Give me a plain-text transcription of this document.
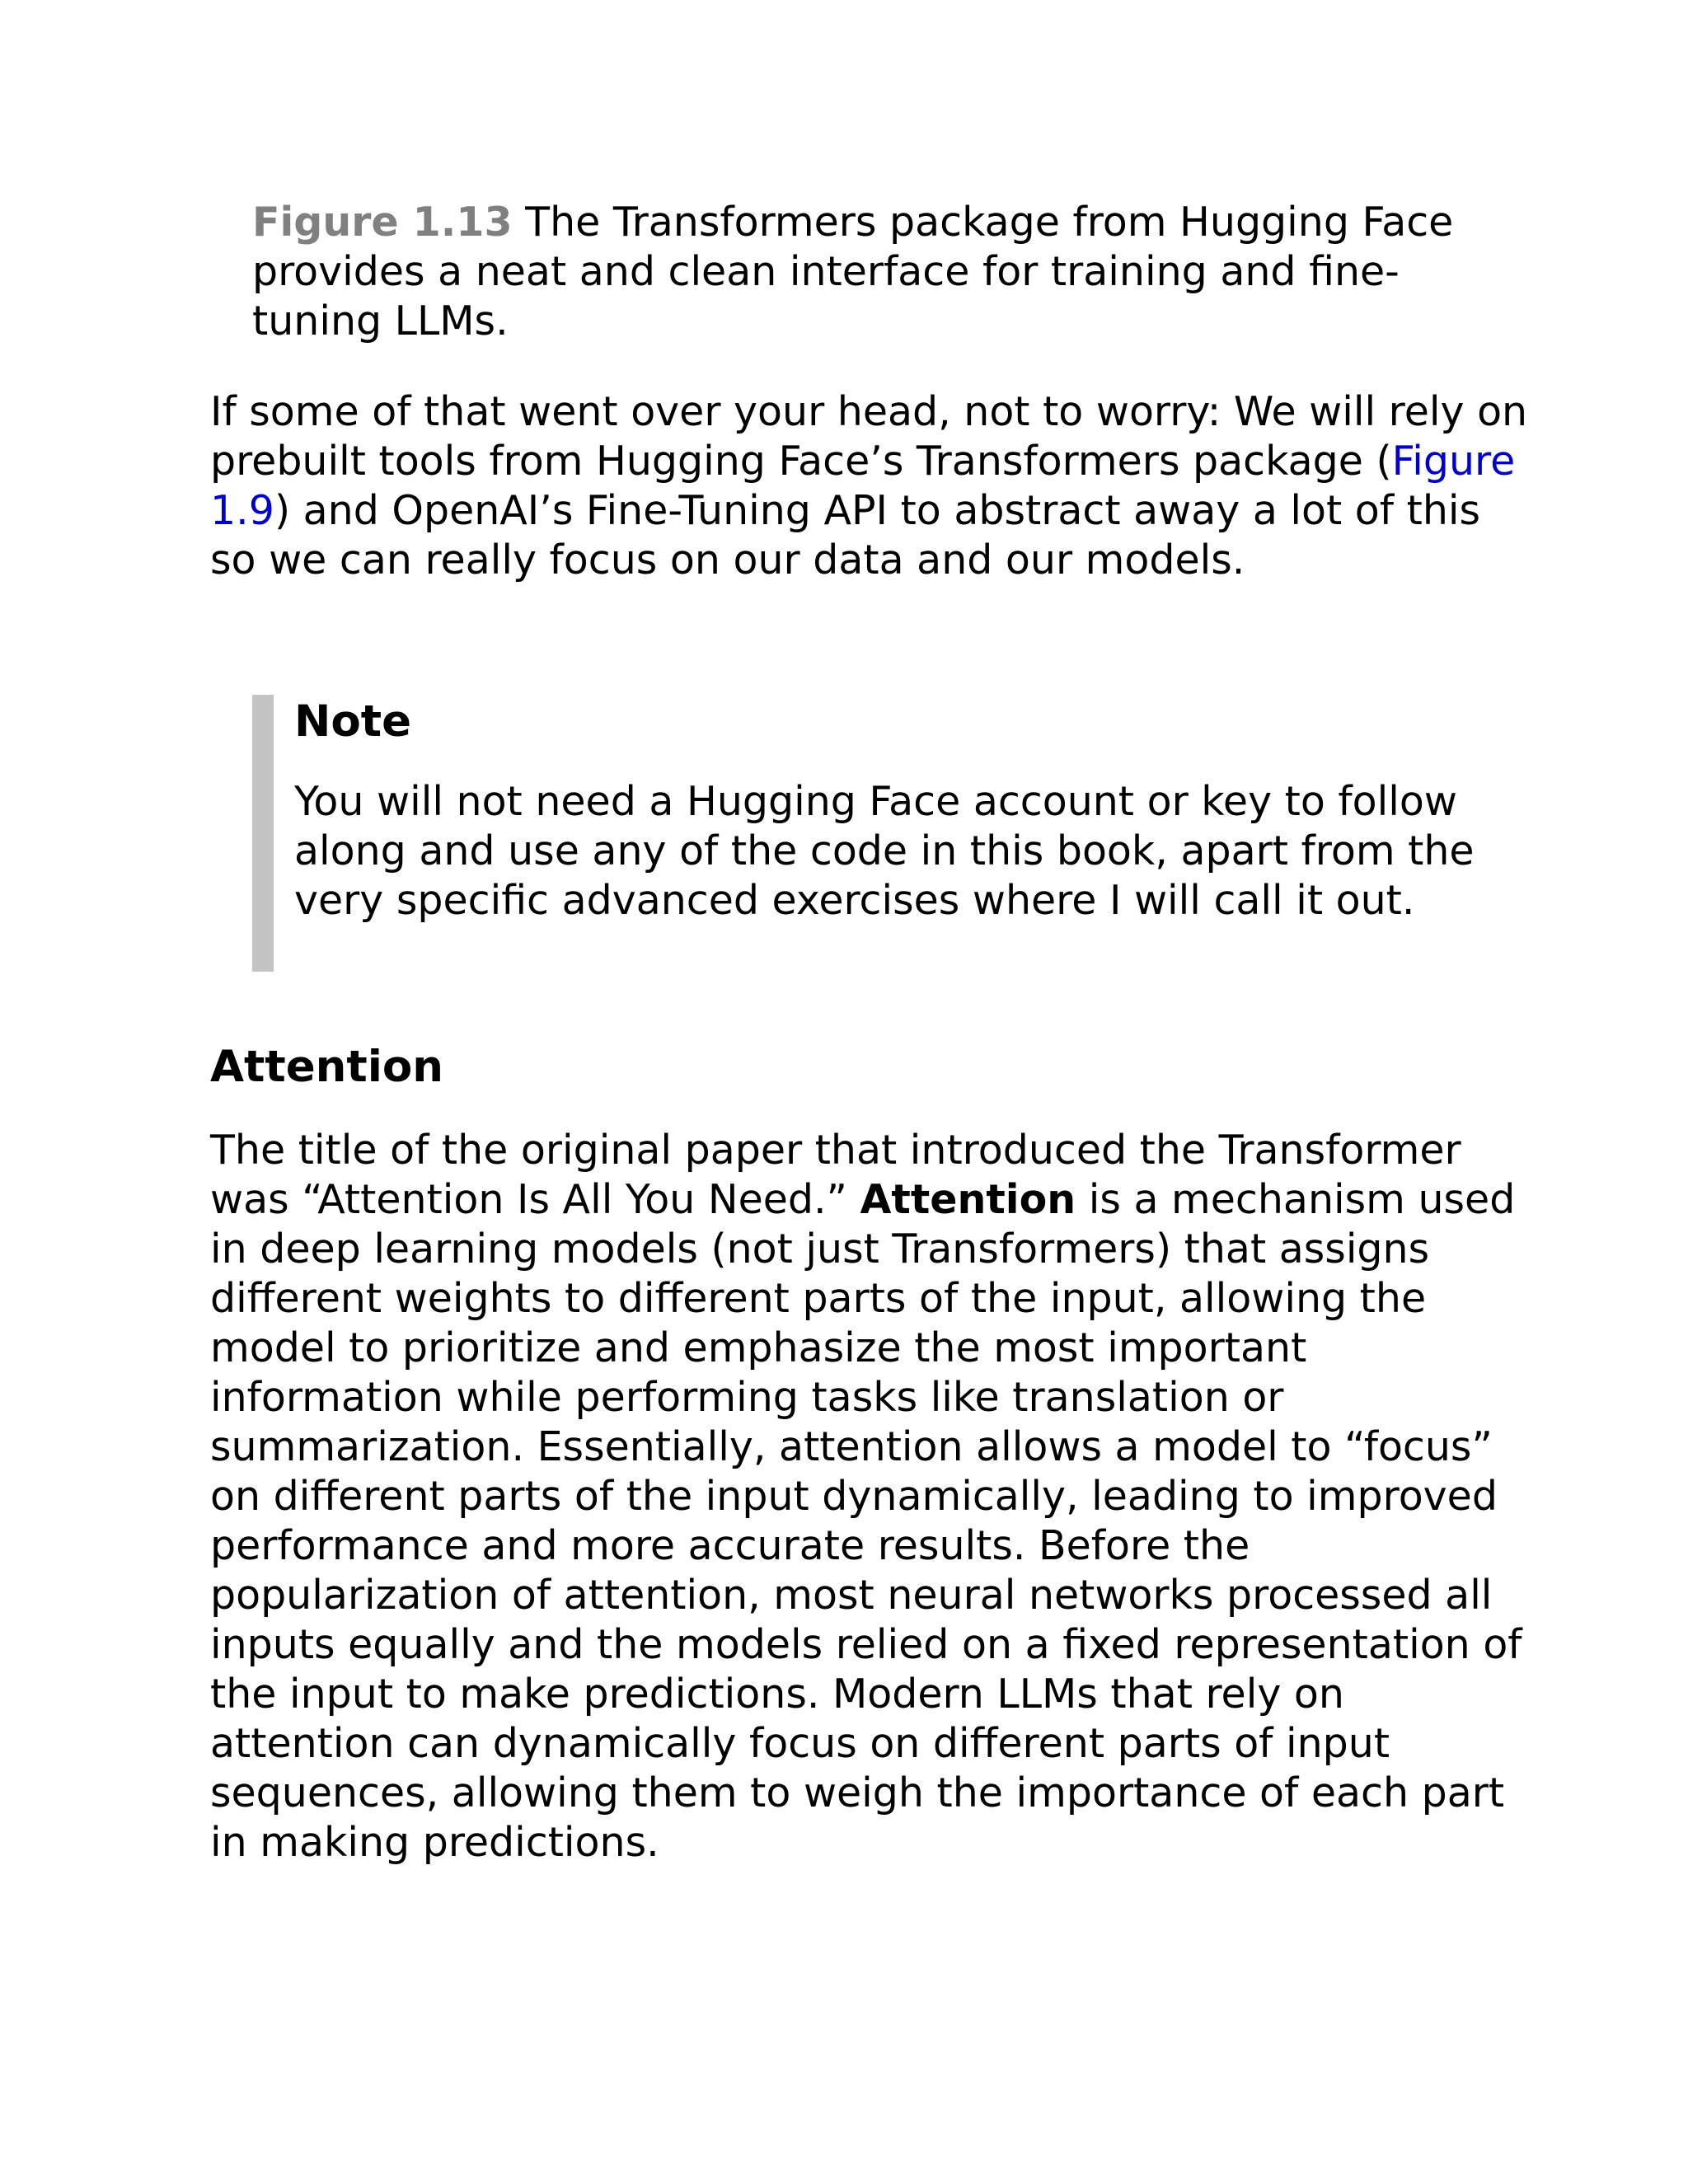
Figure 1.13 The Transformers package from Hugging Face provides a neat and clean interface for training and fine-tuning LLMs.
If some of that went over your head, not to worry: We will rely on prebuilt tools from Hugging Face’s Transformers package (Figure 1.9) and OpenAI’s Fine-Tuning API to abstract away a lot of this so we can really focus on our data and our models.
Note
You will not need a Hugging Face account or key to follow along and use any of the code in this book, apart from the very specific advanced exercises where I will call it out.
Attention
The title of the original paper that introduced the Transformer was “Attention Is All You Need.” Attention is a mechanism used in deep learning models (not just Transformers) that assigns different weights to different parts of the input, allowing the model to prioritize and emphasize the most important information while performing tasks like translation or summarization. Essentially, attention allows a model to “focus” on different parts of the input dynamically, leading to improved performance and more accurate results. Before the popularization of attention, most neural networks processed all inputs equally and the models relied on a fixed representation of the input to make predictions. Modern LLMs that rely on attention can dynamically focus on different parts of input sequences, allowing them to weigh the importance of each part in making predictions.
